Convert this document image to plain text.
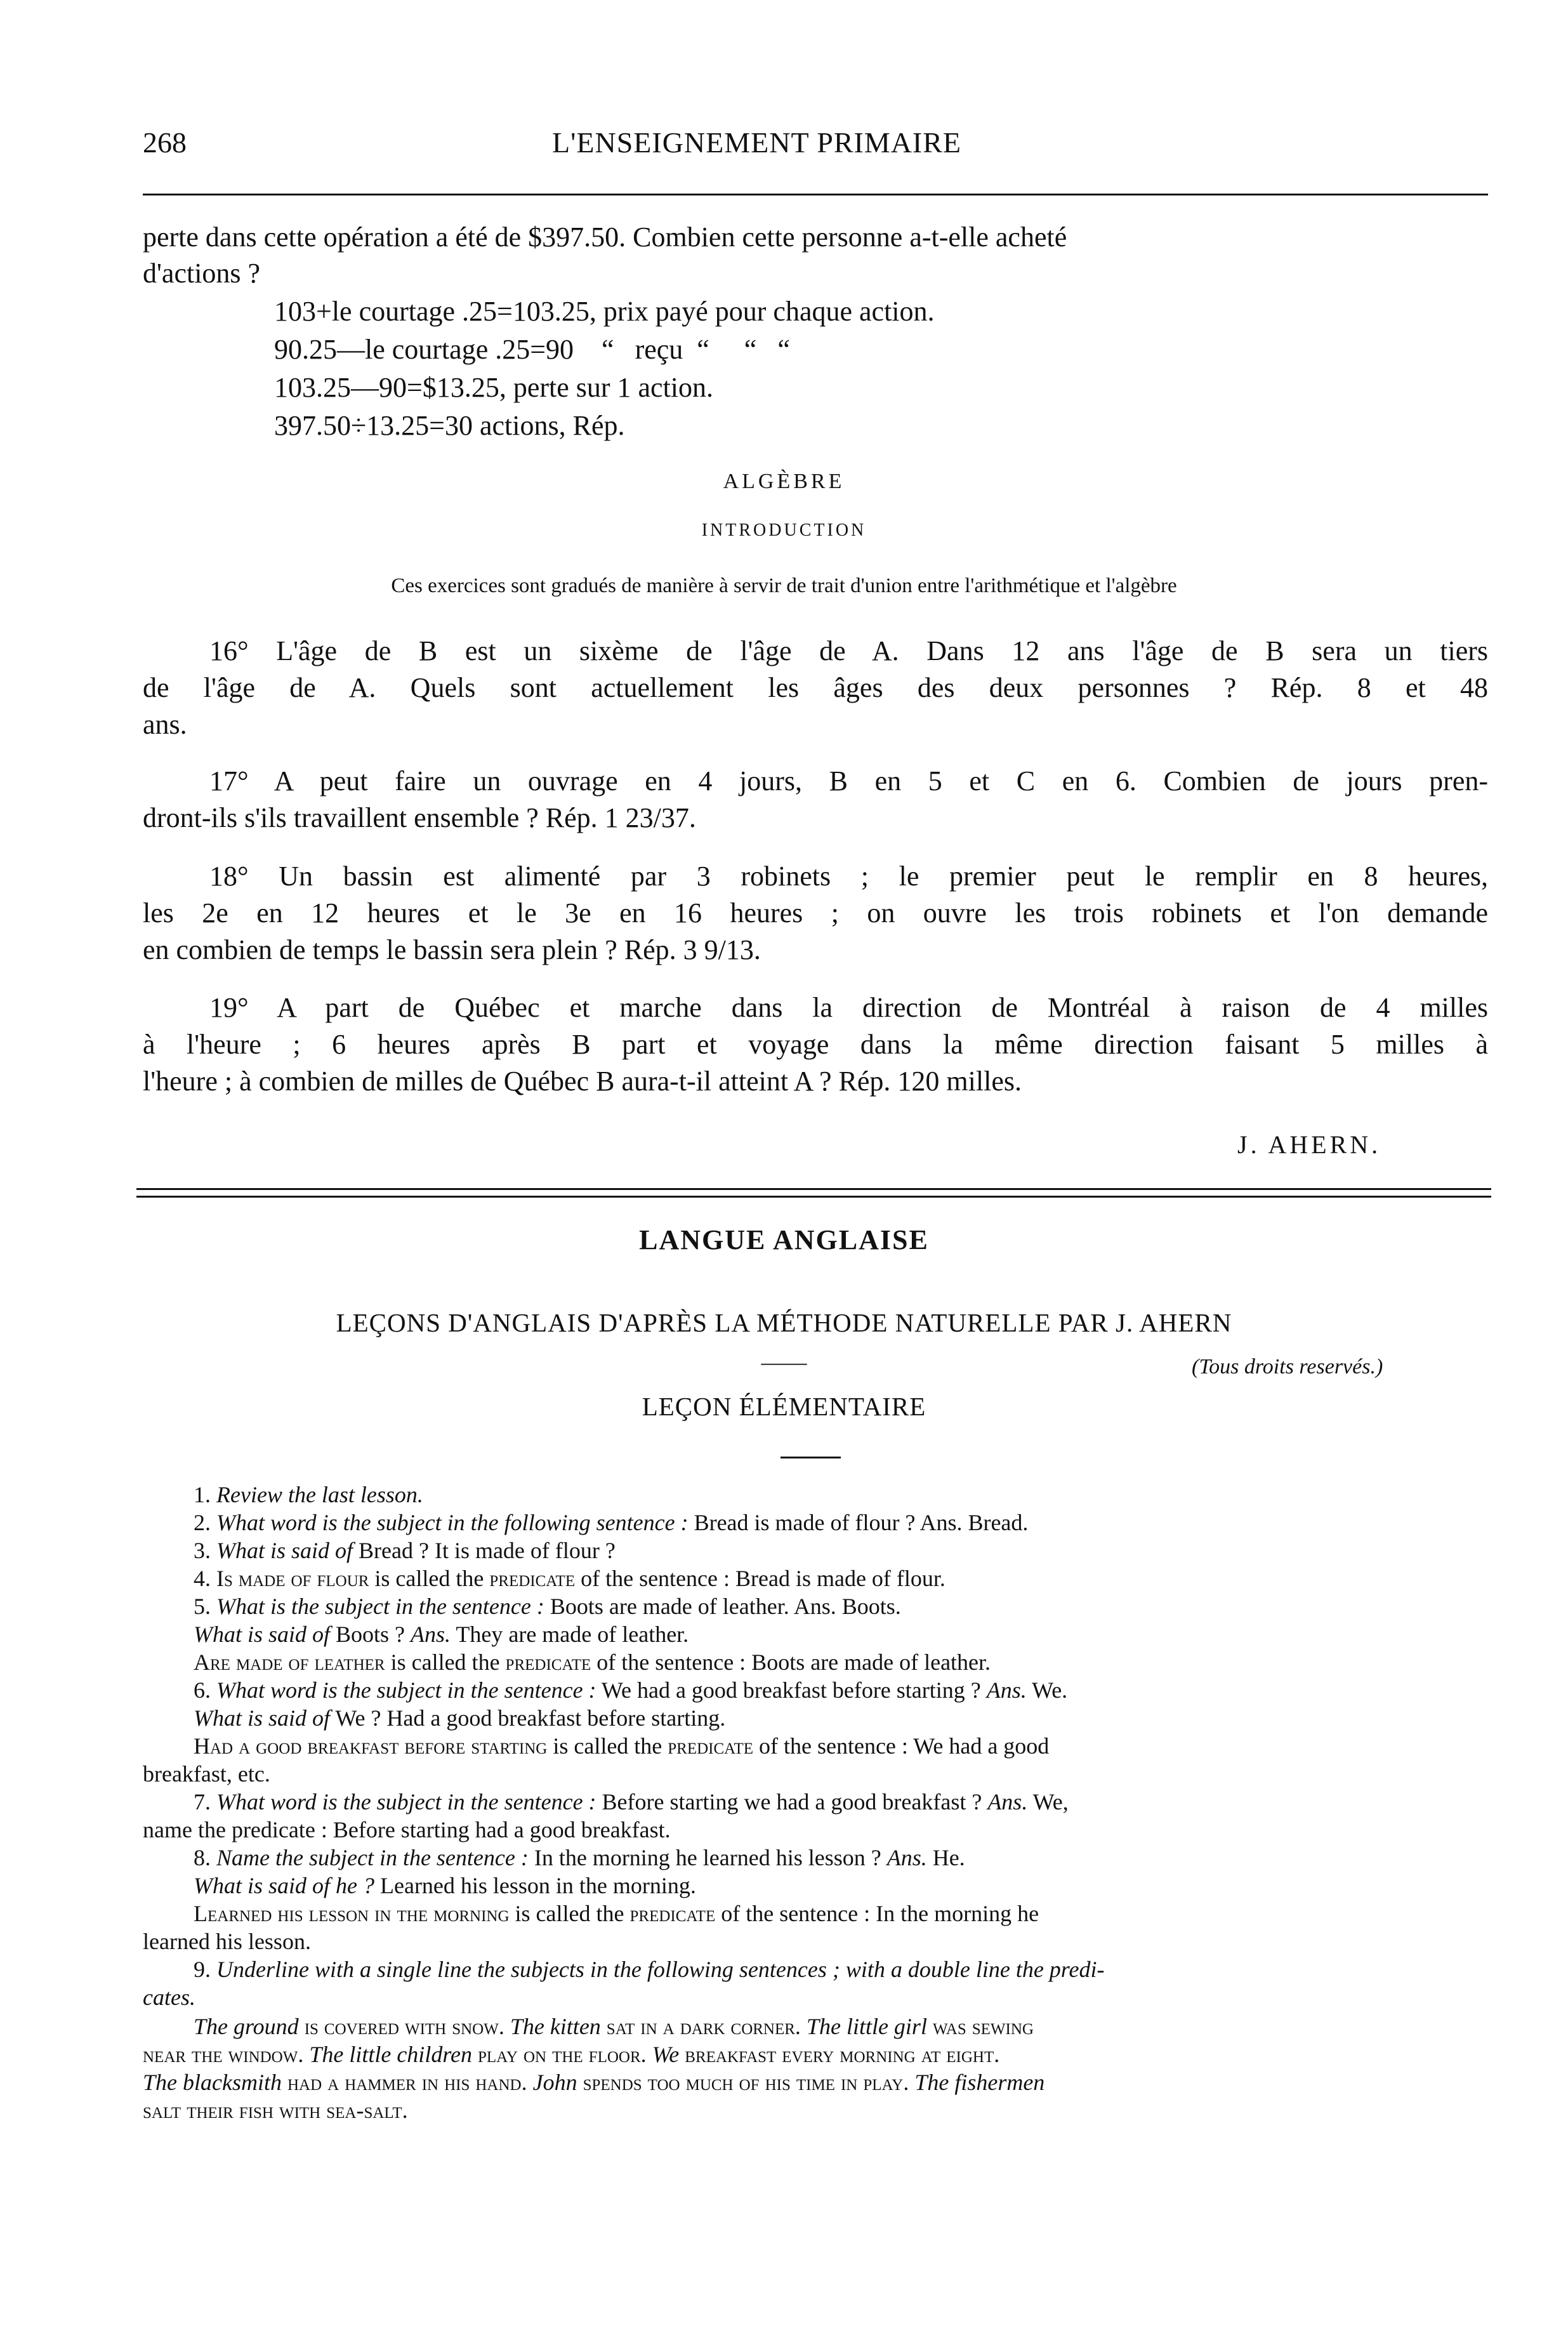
268	L'ENSEIGNEMENT PRIMAIRE
perte dans cette opération a été de $397.50. Combien cette personne a-t-elle acheté
d'actions ?
103+le courtage .25=103.25, prix payé pour chaque action.
90.25—le courtage .25=90    “   reçu  “     “   “
103.25—90=$13.25, perte sur 1 action.
397.50÷13.25=30 actions, Rép.
ALGÈBRE
INTRODUCTION
Ces exercices sont gradués de manière à servir de trait d'union entre l'arithmétique et l'algèbre
16° L'âge de B est un sixème de l'âge de A. Dans 12 ans l'âge de B sera un tiers
de l'âge de A. Quels sont actuellement les âges des deux personnes ? Rép. 8 et 48
ans.
17° A peut faire un ouvrage en 4 jours, B en 5 et C en 6. Combien de jours pren-
dront-ils s'ils travaillent ensemble ? Rép. 1 23/37.
18° Un bassin est alimenté par 3 robinets ; le premier peut le remplir en 8 heures,
les 2e en 12 heures et le 3e en 16 heures ; on ouvre les trois robinets et l'on demande
en combien de temps le bassin sera plein ? Rép. 3 9/13.
19° A part de Québec et marche dans la direction de Montréal à raison de 4 milles
à l'heure ; 6 heures après B part et voyage dans la même direction faisant 5 milles à
l'heure ; à combien de milles de Québec B aura-t-il atteint A ? Rép. 120 milles.
J. AHERN.
LANGUE ANGLAISE
LEÇONS D'ANGLAIS D'APRÈS LA MÉTHODE NATURELLE PAR J. AHERN
——	(Tous droits reservés.)
LEÇON ÉLÉMENTAIRE
1. Review the last lesson.
2. What word is the subject in the following sentence : Bread is made of flour ? Ans. Bread.
3. What is said of Bread ? It is made of flour ?
4. Is made of flour is called the predicate of the sentence : Bread is made of flour.
5. What is the subject in the sentence : Boots are made of leather. Ans. Boots.
What is said of Boots ? Ans. They are made of leather.
Are made of leather is called the predicate of the sentence : Boots are made of leather.
6. What word is the subject in the sentence : We had a good breakfast before starting ? Ans. We.
What is said of We ? Had a good breakfast before starting.
Had a good breakfast before starting is called the predicate of the sentence : We had a good
breakfast, etc.
7. What word is the subject in the sentence : Before starting we had a good breakfast ? Ans. We,
name the predicate : Before starting had a good breakfast.
8. Name the subject in the sentence : In the morning he learned his lesson ? Ans. He.
What is said of he ? Learned his lesson in the morning.
Learned his lesson in the morning is called the predicate of the sentence : In the morning he
learned his lesson.
9. Underline with a single line the subjects in the following sentences ; with a double line the predi-
cates.
The ground is covered with snow. The kitten sat in a dark corner. The little girl was sewing
near the window. The little children play on the floor. We breakfast every morning at eight.
The blacksmith had a hammer in his hand. John spends too much of his time in play. The fishermen
salt their fish with sea-salt.
